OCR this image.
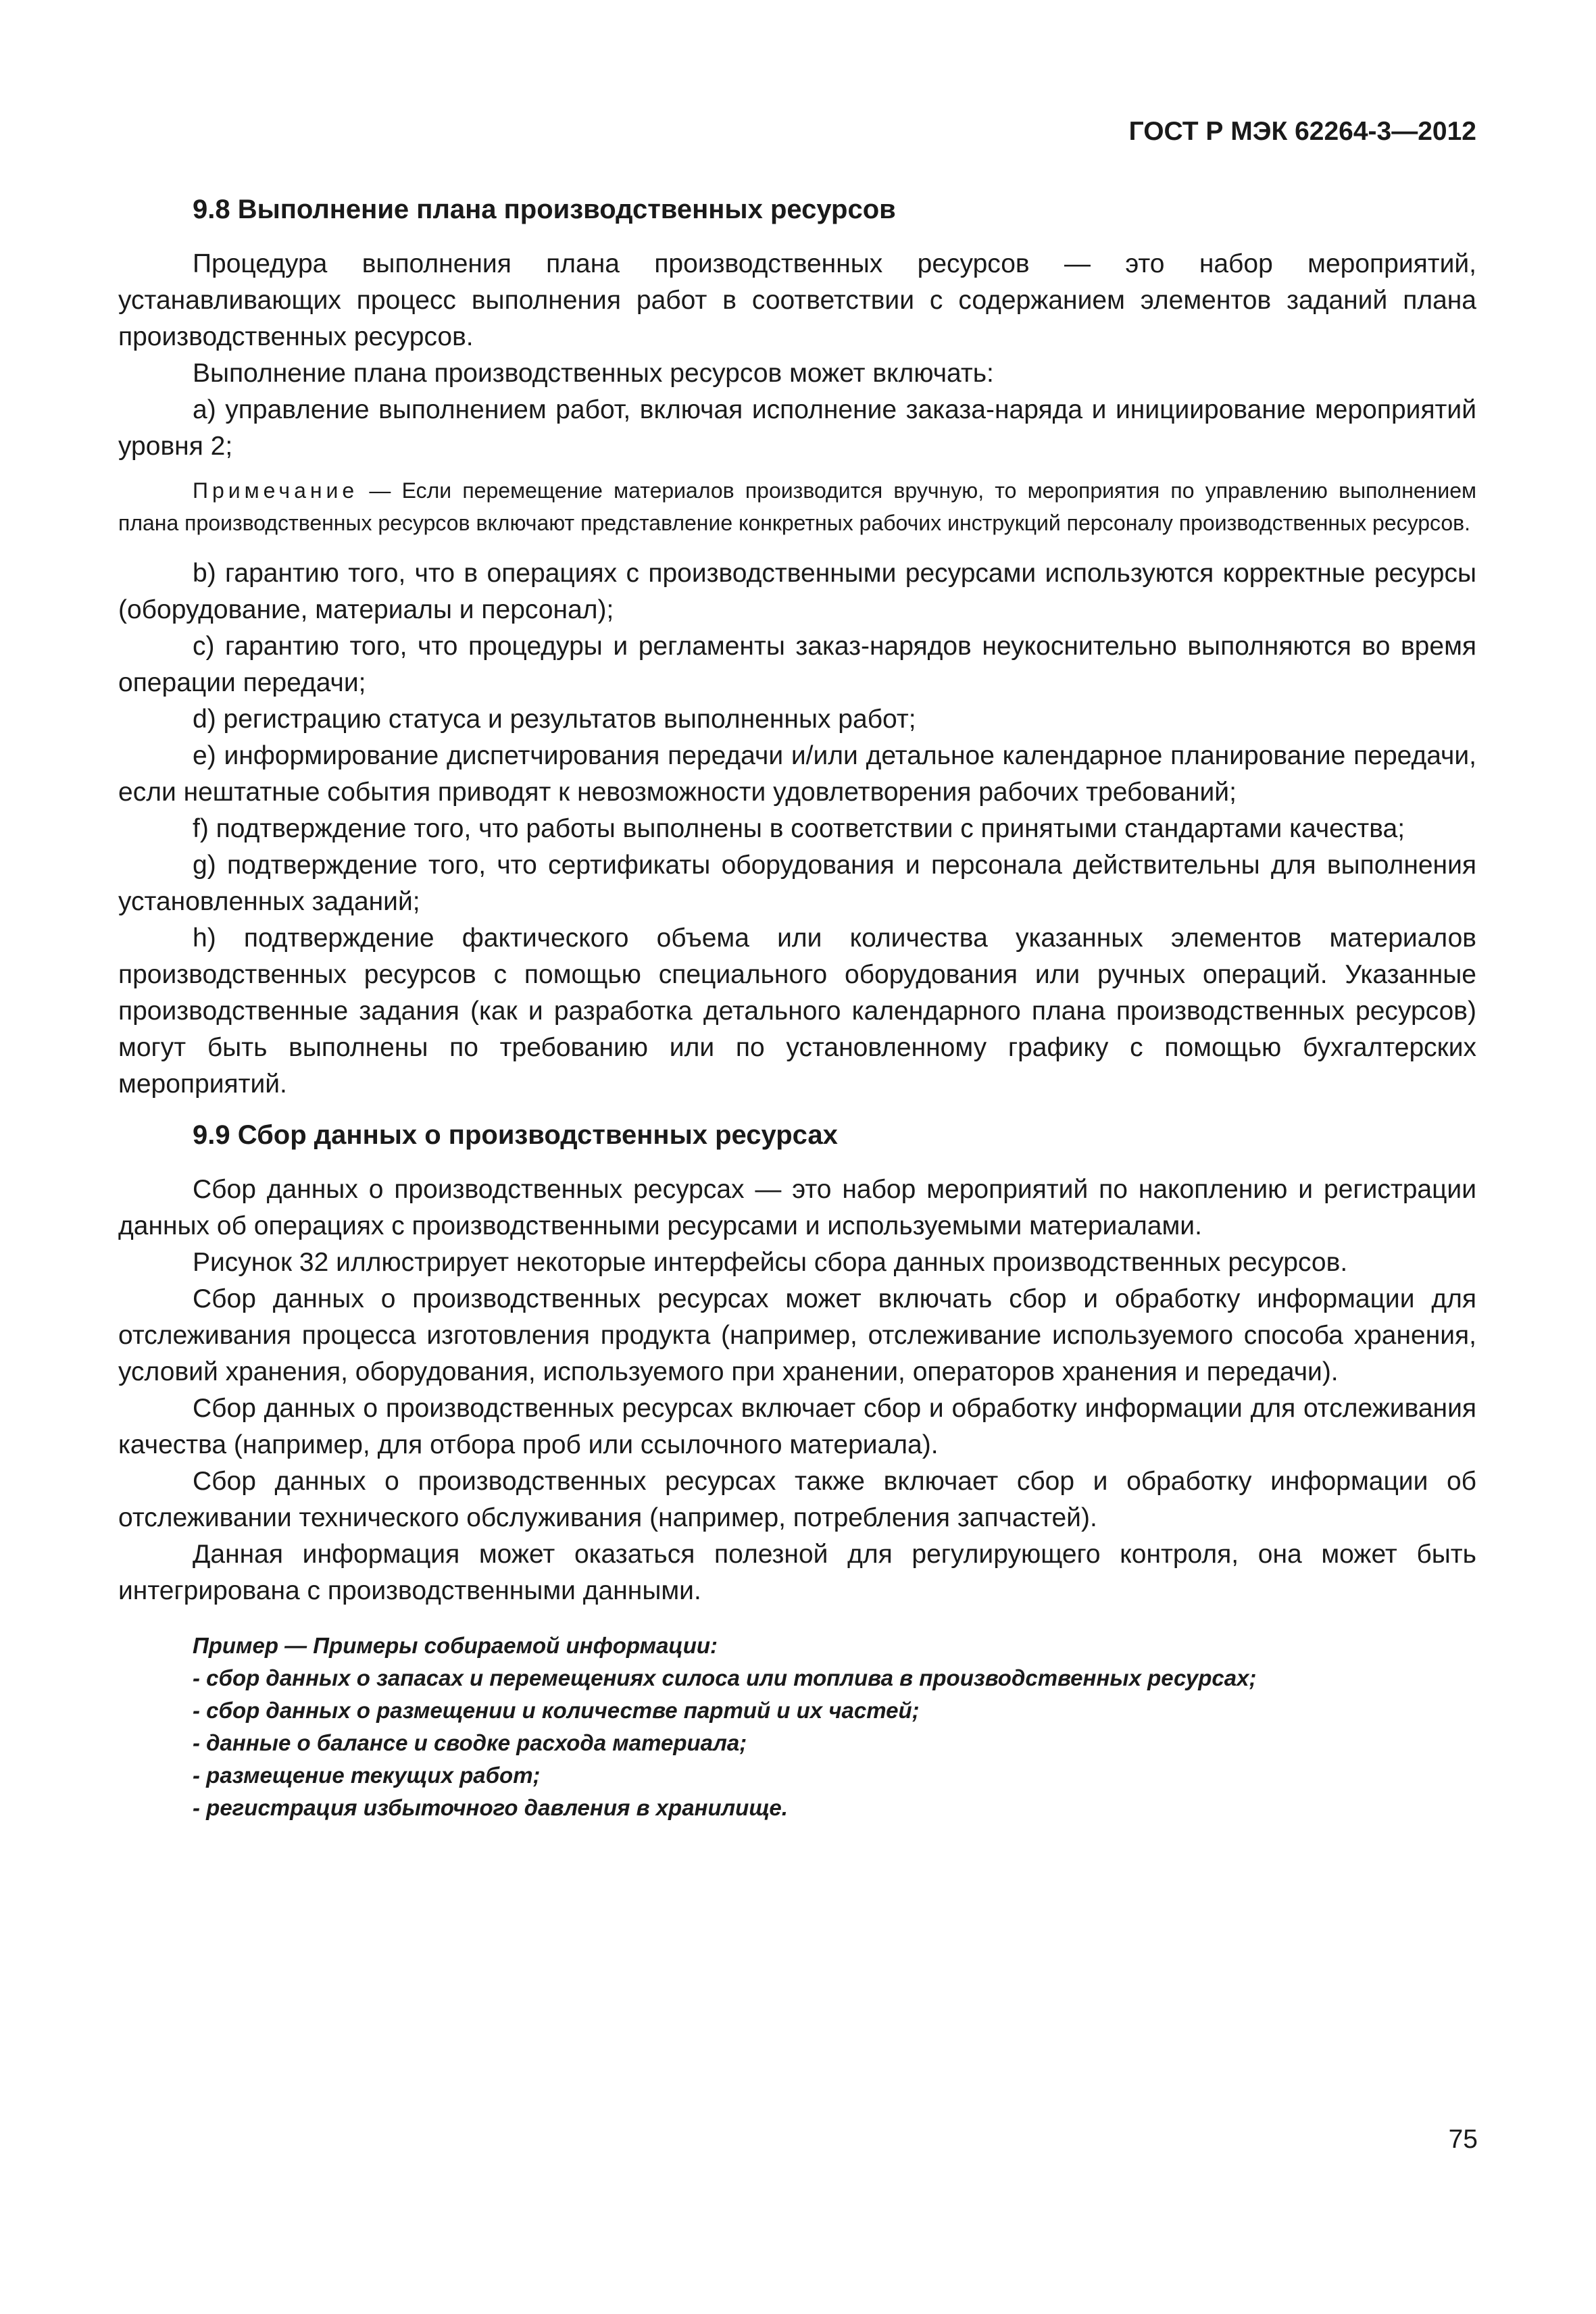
ГОСТ Р МЭК 62264-3—2012
9.8 Выполнение плана производственных ресурсов

Процедура выполнения плана производственных ресурсов — это набор мероприятий, устанавливающих процесс выполнения работ в соответствии с содержанием элементов заданий плана производственных ресурсов.

Выполнение плана производственных ресурсов может включать:

а) управление выполнением работ, включая исполнение заказа-наряда и инициирование мероприятий уровня 2;

Примечание — Если перемещение материалов производится вручную, то мероприятия по управлению выполнением плана производственных ресурсов включают представление конкретных рабочих инструкций персоналу производственных ресурсов.

b) гарантию того, что в операциях с производственными ресурсами используются корректные ресурсы (оборудование, материалы и персонал);

c) гарантию того, что процедуры и регламенты заказ-нарядов неукоснительно выполняются во время операции передачи;

d) регистрацию статуса и результатов выполненных работ;

e) информирование диспетчирования передачи и/или детальное календарное планирование передачи, если нештатные события приводят к невозможности удовлетворения рабочих требований;

f) подтверждение того, что работы выполнены в соответствии с принятыми стандартами качества;

g) подтверждение того, что сертификаты оборудования и персонала действительны для выполнения установленных заданий;

h) подтверждение фактического объема или количества указанных элементов материалов производственных ресурсов с помощью специального оборудования или ручных операций. Указанные производственные задания (как и разработка детального календарного плана производственных ресурсов) могут быть выполнены по требованию или по установленному графику с помощью бухгалтерских мероприятий.

9.9 Сбор данных о производственных ресурсах

Сбор данных о производственных ресурсах — это набор мероприятий по накоплению и регистрации данных об операциях с производственными ресурсами и используемыми материалами.

Рисунок 32 иллюстрирует некоторые интерфейсы сбора данных производственных ресурсов.

Сбор данных о производственных ресурсах может включать сбор и обработку информации для отслеживания процесса изготовления продукта (например, отслеживание используемого способа хранения, условий хранения, оборудования, используемого при хранении, операторов хранения и передачи).

Сбор данных о производственных ресурсах включает сбор и обработку информации для отслеживания качества (например, для отбора проб или ссылочного материала).

Сбор данных о производственных ресурсах также включает сбор и обработку информации об отслеживании технического обслуживания (например, потребления запчастей).

Данная информация может оказаться полезной для регулирующего контроля, она может быть интегрирована с производственными данными.

Пример — Примеры собираемой информации:
- сбор данных о запасах и перемещениях силоса или топлива в производственных ресурсах;
- сбор данных о размещении и количестве партий и их частей;
- данные о балансе и сводке расхода материала;
- размещение текущих работ;
- регистрация избыточного давления в хранилище.
75
